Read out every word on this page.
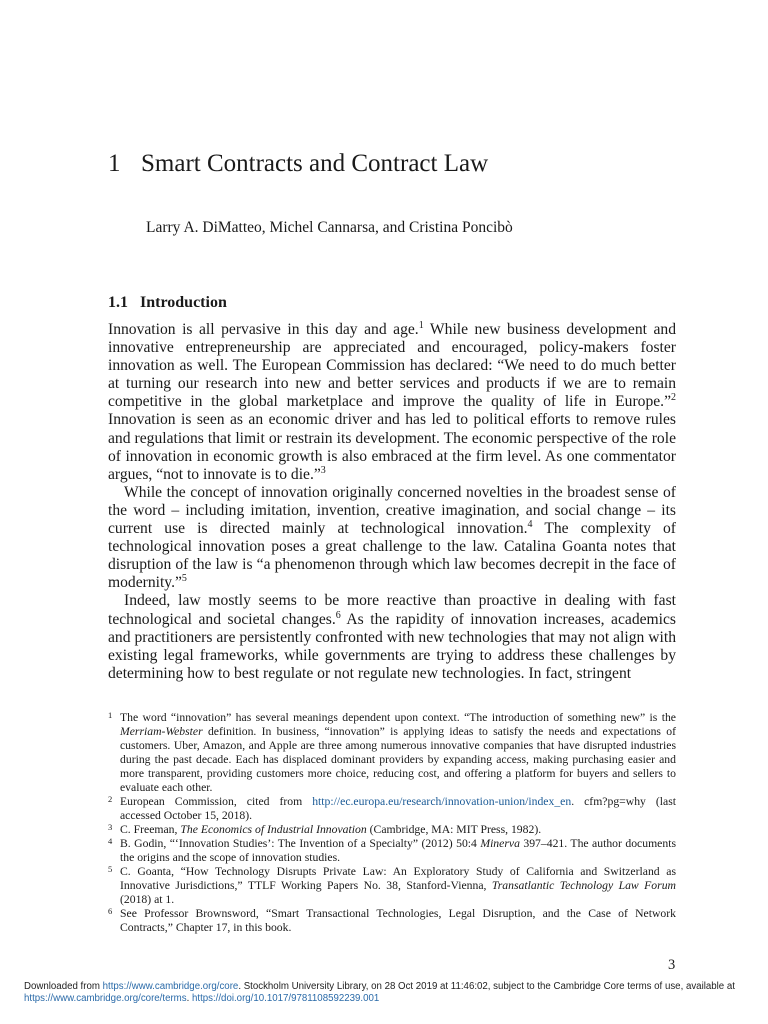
1 Smart Contracts and Contract Law
Larry A. DiMatteo, Michel Cannarsa, and Cristina Poncibò
1.1 Introduction

Innovation is all pervasive in this day and age.$^1$ While new business development and innovative entrepreneurship are appreciated and encouraged, policy-makers foster innovation as well. The European Commission has declared: “We need to do much better at turning our research into new and better services and products if we are to remain competitive in the global marketplace and improve the quality of life in Europe.”$^2$ Innovation is seen as an economic driver and has led to political efforts to remove rules and regulations that limit or restrain its development. The economic perspective of the role of innovation in economic growth is also embraced at the firm level. As one commentator argues, “not to innovate is to die.”$^3$

While the concept of innovation originally concerned novelties in the broadest sense of the word – including imitation, invention, creative imagination, and social change – its current use is directed mainly at technological innovation.$^4$ The complexity of technological innovation poses a great challenge to the law. Catalina Goanta notes that disruption of the law is “a phenomenon through which law becomes decrepit in the face of modernity.”$^5$

Indeed, law mostly seems to be more reactive than proactive in dealing with fast technological and societal changes.$^6$ As the rapidity of innovation increases, academics and practitioners are persistently confronted with new technologies that may not align with existing legal frameworks, while governments are trying to address these challenges by determining how to best regulate or not regulate new technologies. In fact, stringent

1 The word “innovation” has several meanings dependent upon context. “The introduction of something new” is the Merriam-Webster definition. In business, “innovation” is applying ideas to satisfy the needs and expectations of customers. Uber, Amazon, and Apple are three among numerous innovative companies that have disrupted industries during the past decade. Each has displaced dominant providers by expanding access, making purchasing easier and more transparent, providing customers more choice, reducing cost, and offering a platform for buyers and sellers to evaluate each other.
2 European Commission, cited from http://ec.europa.eu/research/innovation-union/index_en. cfm?pg=why (last accessed October 15, 2018).
3 C. Freeman, The Economics of Industrial Innovation (Cambridge, MA: MIT Press, 1982).
4 B. Godin, “‘Innovation Studies’: The Invention of a Specialty” (2012) 50:4 Minerva 397–421. The author documents the origins and the scope of innovation studies.
5 C. Goanta, “How Technology Disrupts Private Law: An Exploratory Study of California and Switzerland as Innovative Jurisdictions,” TTLF Working Papers No. 38, Stanford-Vienna, Transatlantic Technology Law Forum (2018) at 1.
6 See Professor Brownsword, “Smart Transactional Technologies, Legal Disruption, and the Case of Network Contracts,” Chapter 17, in this book.
3
Downloaded from https://www.cambridge.org/core. Stockholm University Library, on 28 Oct 2019 at 11:46:02, subject to the Cambridge Core terms of use, available at
https://www.cambridge.org/core/terms. https://doi.org/10.1017/9781108592239.001
